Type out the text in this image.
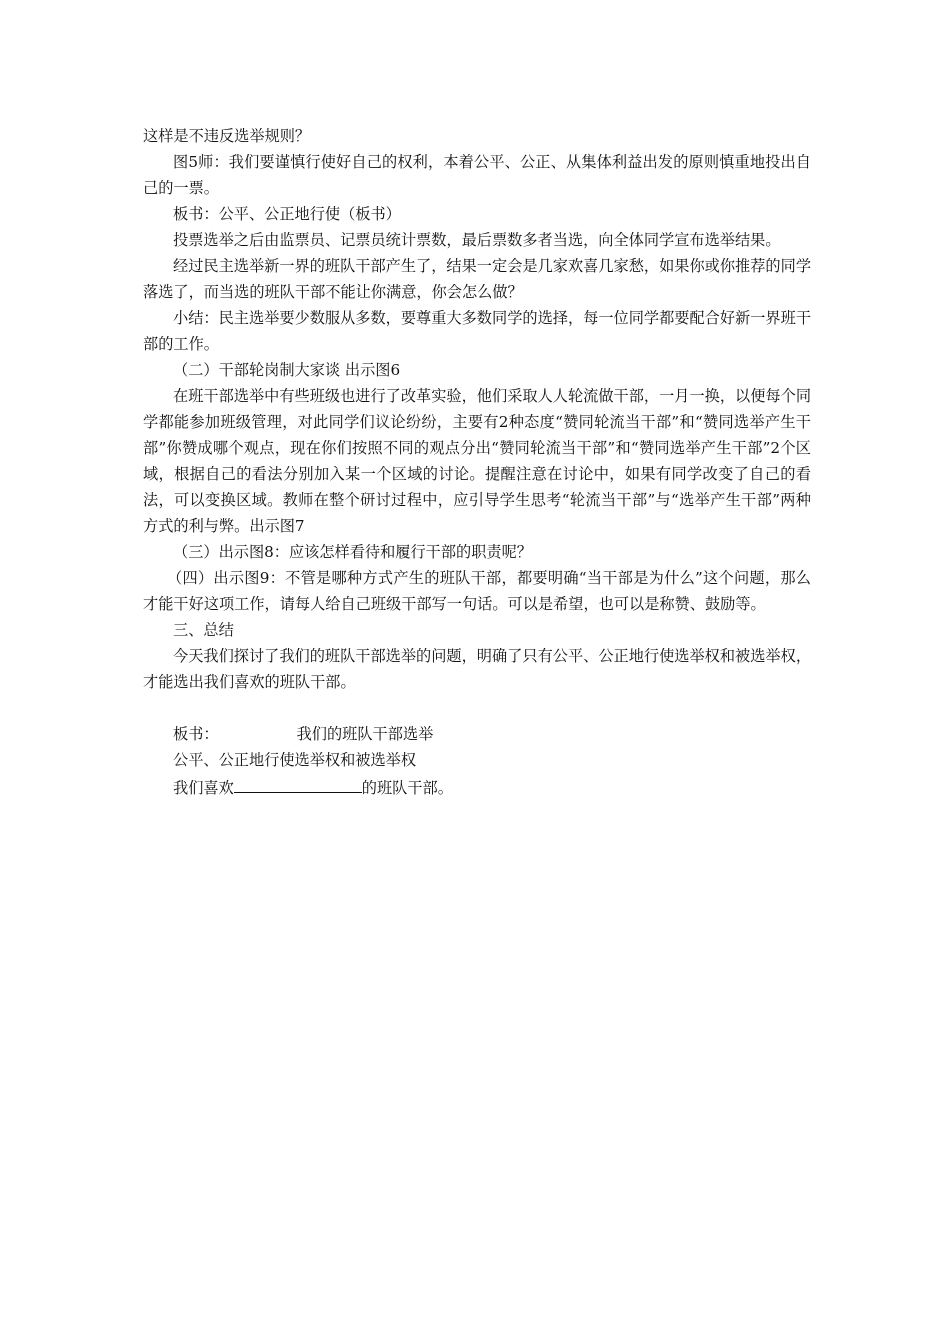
这样是不违反选举规则？

图5师：我们要谨慎行使好自己的权利，本着公平、公正、从集体利益出发的原则慎重地投出自己的一票。

板书：公平、公正地行使（板书）

投票选举之后由监票员、记票员统计票数，最后票数多者当选，向全体同学宣布选举结果。

经过民主选举新一界的班队干部产生了，结果一定会是几家欢喜几家愁，如果你或你推荐的同学落选了，而当选的班队干部不能让你满意，你会怎么做？

小结：民主选举要少数服从多数，要尊重大多数同学的选择，每一位同学都要配合好新一界班干部的工作。

（二）干部轮岗制大家谈 出示图6

在班干部选举中有些班级也进行了改革实验，他们采取人人轮流做干部，一月一换，以便每个同学都能参加班级管理，对此同学们议论纷纷，主要有2种态度“赞同轮流当干部”和“赞同选举产生干部”你赞成哪个观点，现在你们按照不同的观点分出“赞同轮流当干部”和“赞同选举产生干部”2个区域，根据自己的看法分别加入某一个区域的讨论。提醒注意在讨论中，如果有同学改变了自己的看法，可以变换区域。教师在整个研讨过程中，应引导学生思考“轮流当干部”与“选举产生干部”两种方式的利与弊。出示图7

（三）出示图8：应该怎样看待和履行干部的职责呢？

（四）出示图9：不管是哪种方式产生的班队干部，都要明确“当干部是为什么”这个问题，那么才能干好这项工作，请每人给自己班级干部写一句话。可以是希望，也可以是称赞、鼓励等。

三、总结

今天我们探讨了我们的班队干部选举的问题，明确了只有公平、公正地行使选举权和被选举权，才能选出我们喜欢的班队干部。

板书：	我们的班队干部选举

公平、公正地行使选举权和被选举权

我们喜欢	的班队干部。
